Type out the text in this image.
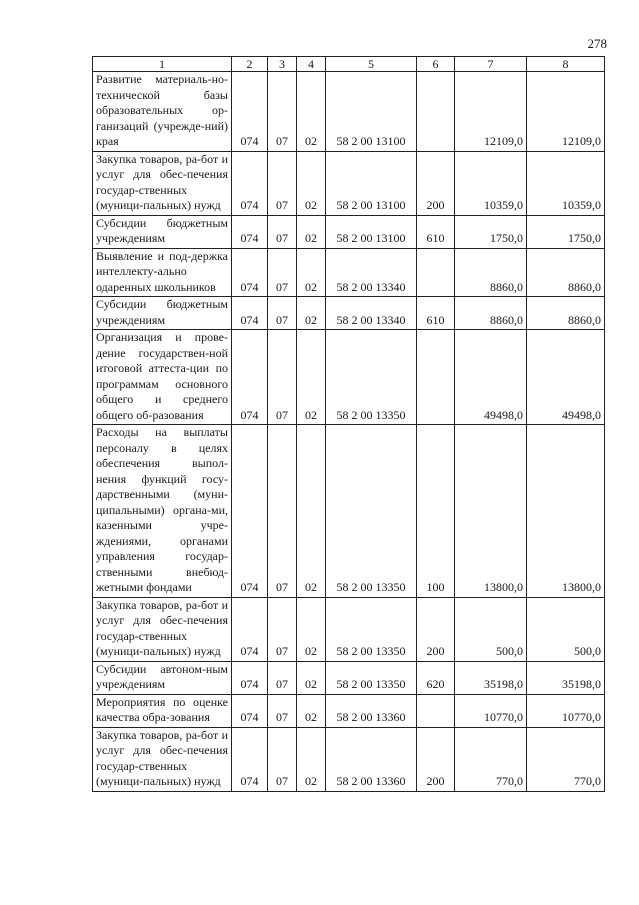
278
1	2	3	4	5	6	7	8
Развитие материаль-но-технической базы образовательных ор-ганизаций (учрежде-ний) края	074	07	02	58 2 00 13100		12109,0	12109,0
Закупка товаров, ра-бот и услуг для обес-печения государ-ственных (муници-пальных) нужд	074	07	02	58 2 00 13100	200	10359,0	10359,0
Субсидии бюджетным учреждениям	074	07	02	58 2 00 13100	610	1750,0	1750,0
Выявление и под-держка интеллекту-ально одаренных школьников	074	07	02	58 2 00 13340		8860,0	8860,0
Субсидии бюджетным учреждениям	074	07	02	58 2 00 13340	610	8860,0	8860,0
Организация и прове-дение государствен-ной итоговой аттеста-ции по программам основного общего и среднего общего об-разования	074	07	02	58 2 00 13350		49498,0	49498,0
Расходы на выплаты персоналу в целях обеспечения выпол-нения функций госу-дарственными (муни-ципальными) органа-ми, казенными учре-ждениями, органами управления государ-ственными внебюд-жетными фондами	074	07	02	58 2 00 13350	100	13800,0	13800,0
Закупка товаров, ра-бот и услуг для обес-печения государ-ственных (муници-пальных) нужд	074	07	02	58 2 00 13350	200	500,0	500,0
Субсидии автоном-ным учреждениям	074	07	02	58 2 00 13350	620	35198,0	35198,0
Мероприятия по оценке качества обра-зования	074	07	02	58 2 00 13360		10770,0	10770,0
Закупка товаров, ра-бот и услуг для обес-печения государ-ственных (муници-пальных) нужд	074	07	02	58 2 00 13360	200	770,0	770,0
